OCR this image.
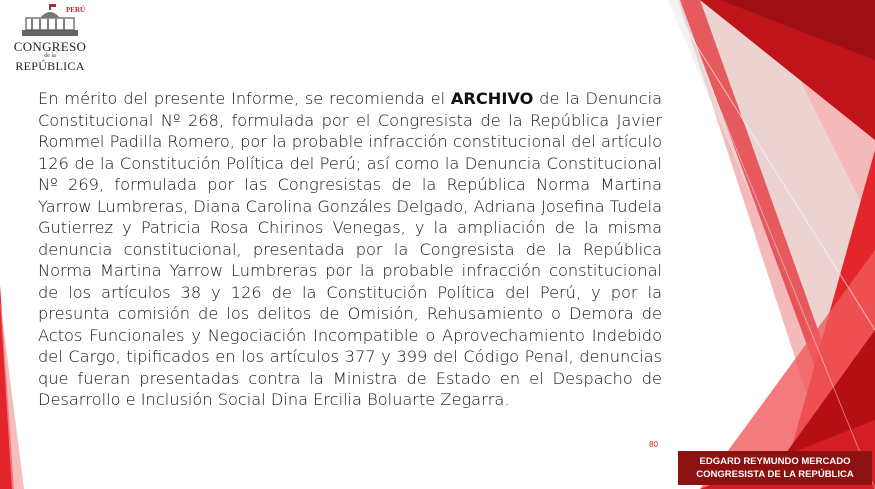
PERÚ
CONGRESO
de la
REPÚBLICA

En mérito del presente Informe, se recomienda el ARCHIVO de la Denuncia Constitucional Nº 268, formulada por el Congresista de la República Javier Rommel Padilla Romero, por la probable infracción constitucional del artículo 126 de la Constitución Política del Perú; así como la Denuncia Constitucional Nº 269, formulada por las Congresistas de la República Norma Martina Yarrow Lumbreras, Diana Carolina Gonzáles Delgado, Adriana Josefina Tudela Gutierrez y Patricia Rosa Chirinos Venegas, y la ampliación de la misma denuncia constitucional, presentada por la Congresista de la República Norma Martina Yarrow Lumbreras por la probable infracción constitucional de los artículos 38 y 126 de la Constitución Política del Perú, y por la presunta comisión de los delitos de Omisión, Rehusamiento o Demora de Actos Funcionales y Negociación Incompatible o Aprovechamiento Indebido del Cargo, tipificados en los artículos 377 y 399 del Código Penal, denuncias que fueran presentadas contra la Ministra de Estado en el Despacho de Desarrollo e Inclusión Social Dina Ercilia Boluarte Zegarra.

80
EDGARD REYMUNDO MERCADO
CONGRESISTA DE LA REPÚBLICA
